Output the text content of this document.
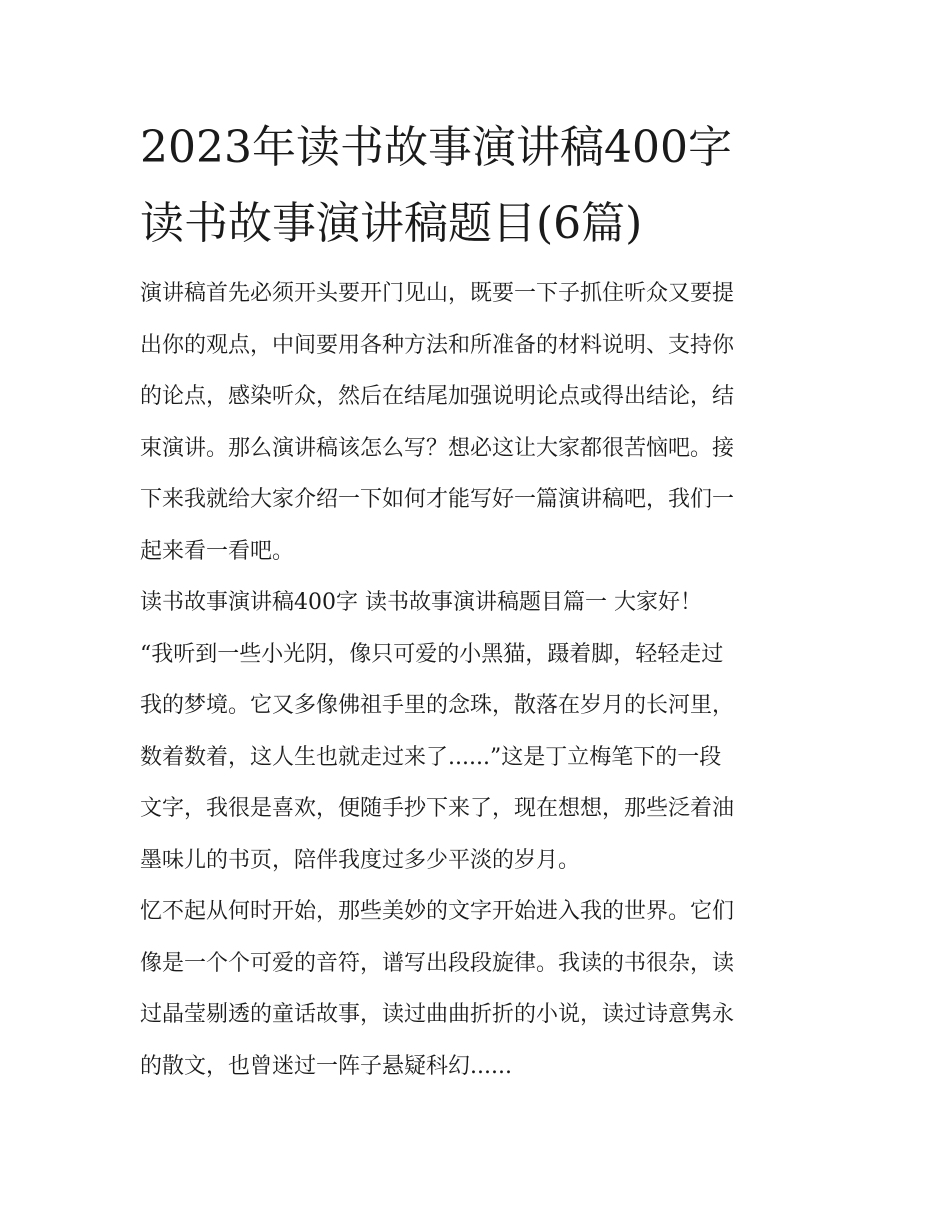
2023年读书故事演讲稿400字
读书故事演讲稿题目(6篇)
演讲稿首先必须开头要开门见山，既要一下子抓住听众又要提
出你的观点，中间要用各种方法和所准备的材料说明、支持你
的论点，感染听众，然后在结尾加强说明论点或得出结论，结
束演讲。那么演讲稿该怎么写？想必这让大家都很苦恼吧。接
下来我就给大家介绍一下如何才能写好一篇演讲稿吧，我们一
起来看一看吧。
读书故事演讲稿400字 读书故事演讲稿题目篇一 大家好！
“我听到一些小光阴，像只可爱的小黑猫，蹑着脚，轻轻走过
我的梦境。它又多像佛祖手里的念珠，散落在岁月的长河里，
数着数着，这人生也就走过来了......”这是丁立梅笔下的一段
文字，我很是喜欢，便随手抄下来了，现在想想，那些泛着油
墨味儿的书页，陪伴我度过多少平淡的岁月。
忆不起从何时开始，那些美妙的文字开始进入我的世界。它们
像是一个个可爱的音符，谱写出段段旋律。我读的书很杂，读
过晶莹剔透的童话故事，读过曲曲折折的小说，读过诗意隽永
的散文，也曾迷过一阵子悬疑科幻......
